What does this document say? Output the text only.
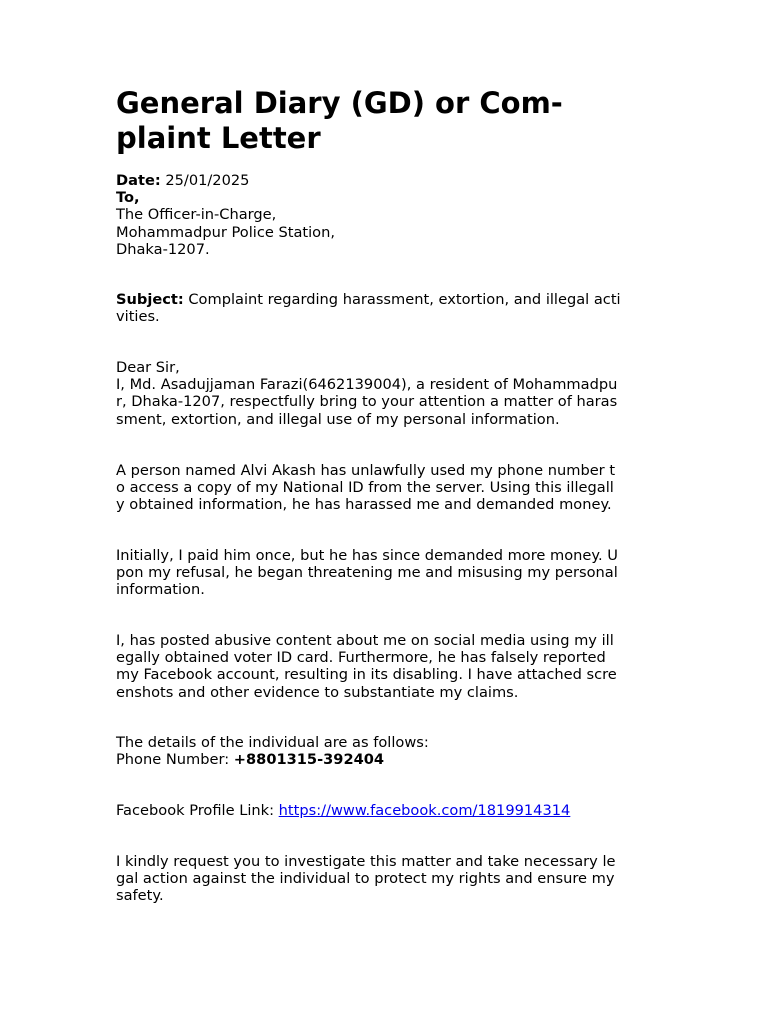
General Diary (GD) or Com-
plaint Letter
Date: 25/01/2025
To,
The Officer-in-Charge,
Mohammadpur Police Station,
Dhaka-1207.
Subject: Complaint regarding harassment, extortion, and illegal acti
vities.
Dear Sir,
I, Md. Asadujjaman Farazi(6462139004), a resident of Mohammadpu
r, Dhaka-1207, respectfully bring to your attention a matter of haras
sment, extortion, and illegal use of my personal information.
A person named Alvi Akash has unlawfully used my phone number t
o access a copy of my National ID from the server. Using this illegall
y obtained information, he has harassed me and demanded money.
Initially, I paid him once, but he has since demanded more money. U
pon my refusal, he began threatening me and misusing my personal
information.
I, has posted abusive content about me on social media using my ill
egally obtained voter ID card. Furthermore, he has falsely reported
my Facebook account, resulting in its disabling. I have attached scre
enshots and other evidence to substantiate my claims.
The details of the individual are as follows:
Phone Number: +8801315-392404
Facebook Profile Link: https://www.facebook.com/1819914314
I kindly request you to investigate this matter and take necessary le
gal action against the individual to protect my rights and ensure my
safety.
